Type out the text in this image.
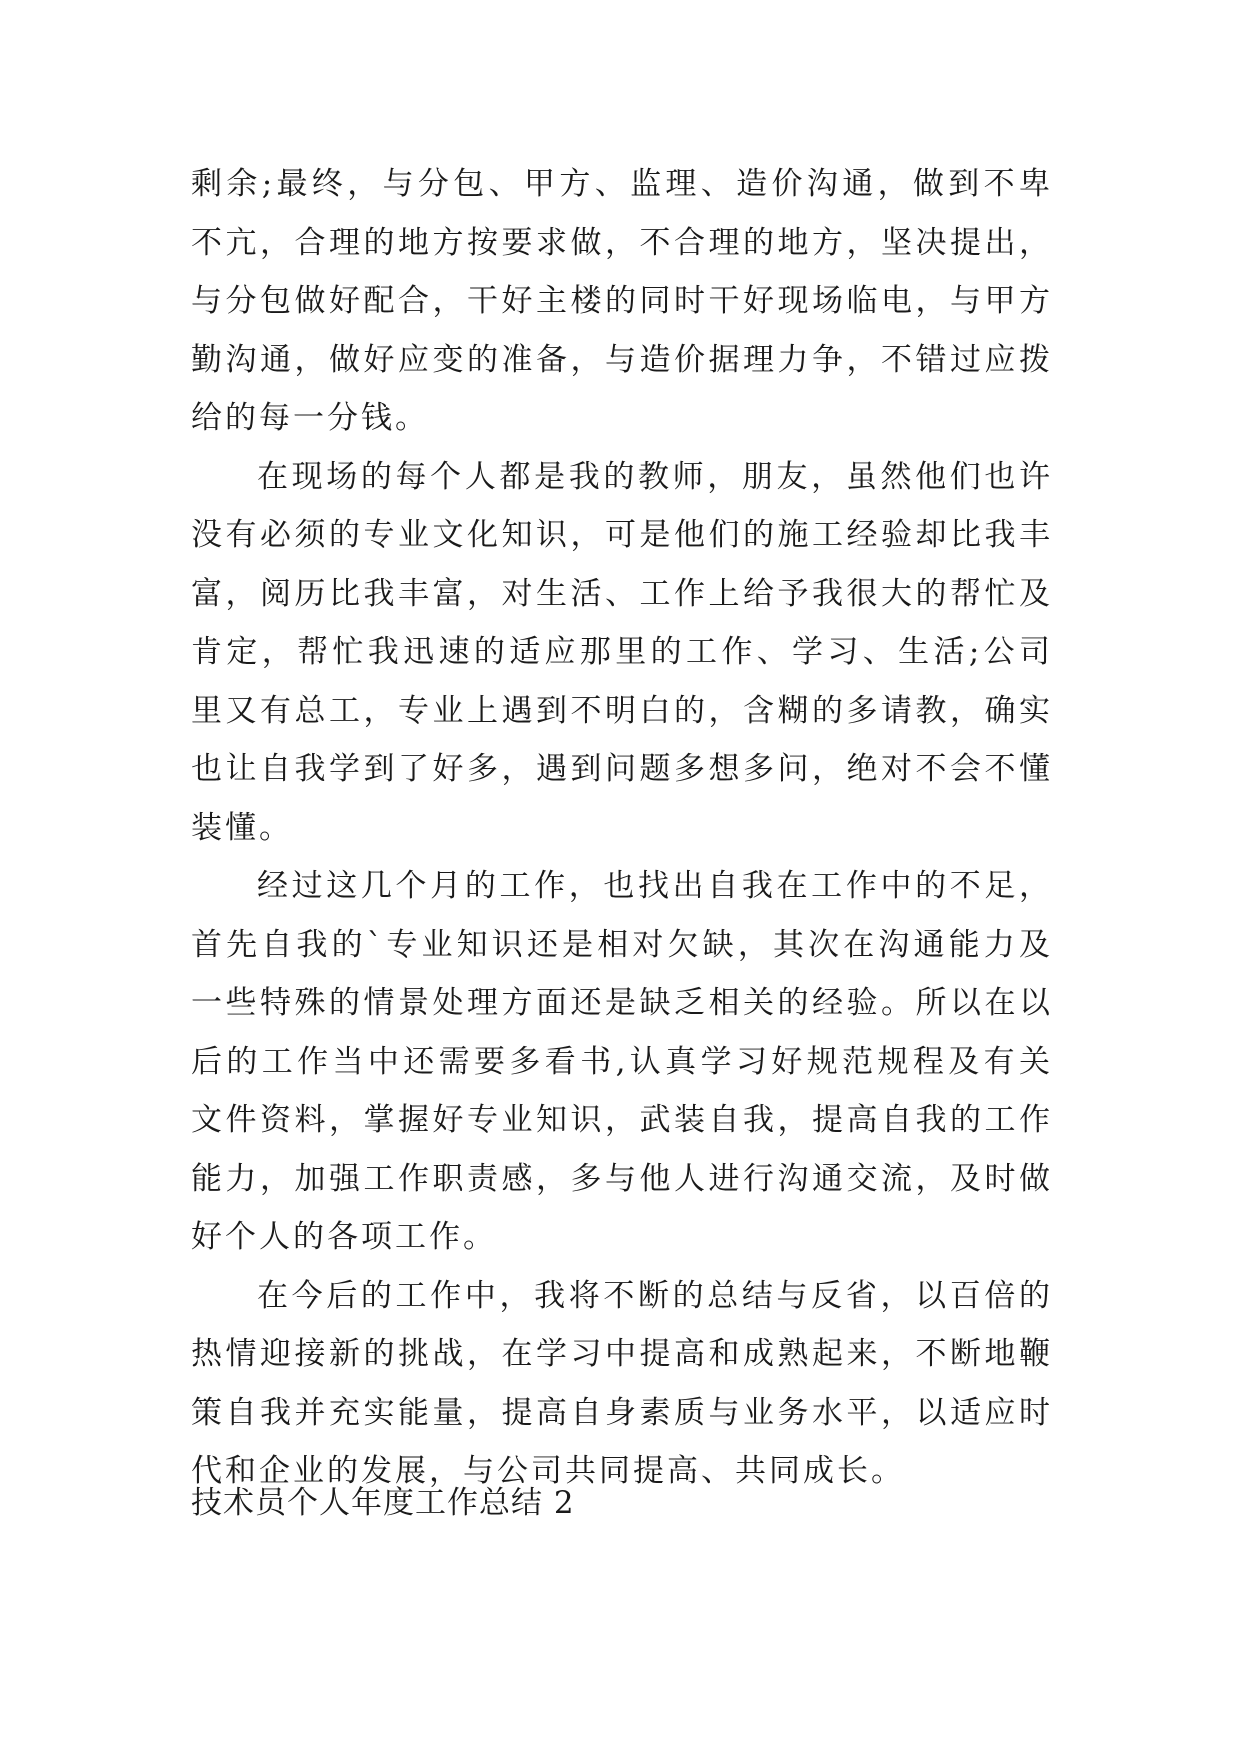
剩余;最终，与分包、甲方、监理、造价沟通，做到不卑不亢，合理的地方按要求做，不合理的地方，坚决提出，与分包做好配合，干好主楼的同时干好现场临电，与甲方勤沟通，做好应变的准备，与造价据理力争，不错过应拨给的每一分钱。

在现场的每个人都是我的教师，朋友，虽然他们也许没有必须的专业文化知识，可是他们的施工经验却比我丰富，阅历比我丰富，对生活、工作上给予我很大的帮忙及肯定，帮忙我迅速的适应那里的工作、学习、生活;公司里又有总工，专业上遇到不明白的，含糊的多请教，确实也让自我学到了好多，遇到问题多想多问，绝对不会不懂装懂。

经过这几个月的工作，也找出自我在工作中的不足，首先自我的`专业知识还是相对欠缺，其次在沟通能力及一些特殊的情景处理方面还是缺乏相关的经验。所以在以后的工作当中还需要多看书,认真学习好规范规程及有关文件资料，掌握好专业知识，武装自我，提高自我的工作能力，加强工作职责感，多与他人进行沟通交流，及时做好个人的各项工作。

在今后的工作中，我将不断的总结与反省，以百倍的热情迎接新的挑战，在学习中提高和成熟起来，不断地鞭策自我并充实能量，提高自身素质与业务水平，以适应时代和企业的发展，与公司共同提高、共同成长。

技术员个人年度工作总结 2
